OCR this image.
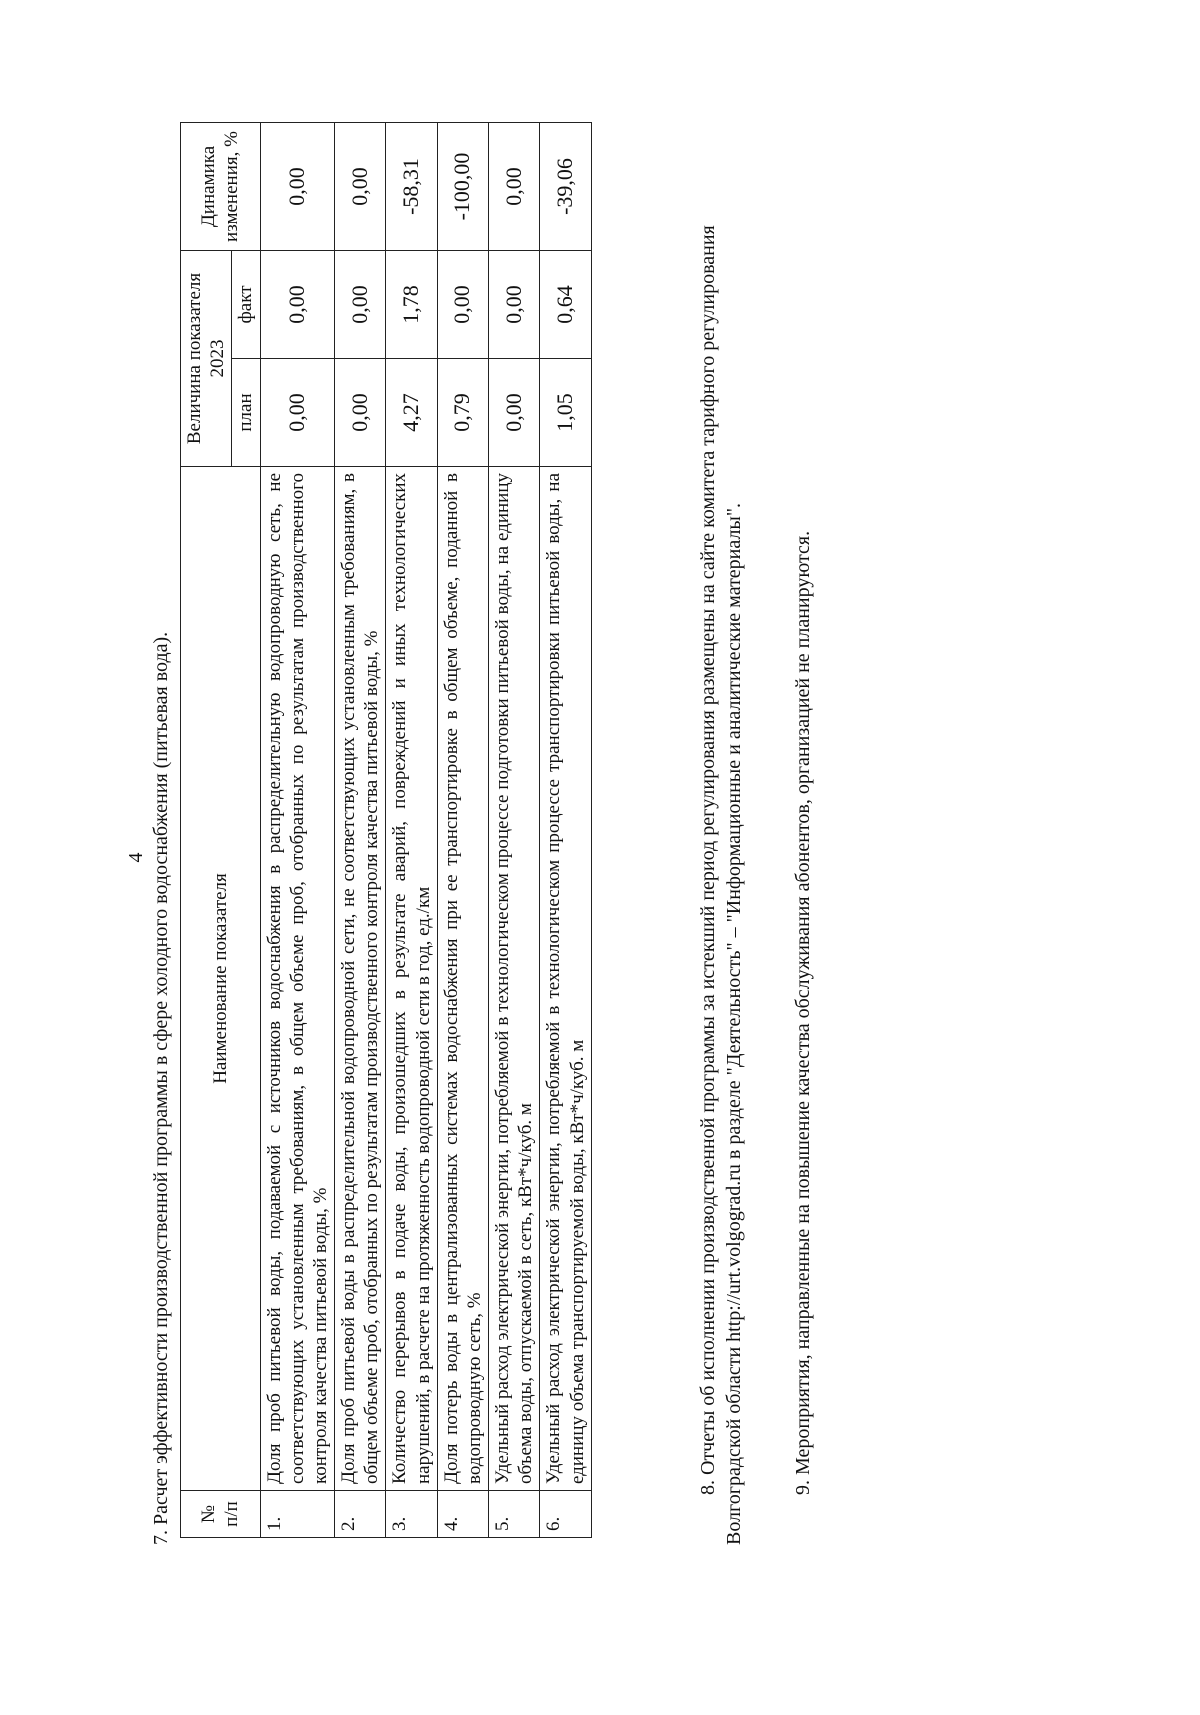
4 7. Расчет эффективности производственной программы в сфере холодного водоснабжения (питьевая вода). № п/п	Наименование показателя	Величина показателя 2023		Динамика изменения, %
		план	факт	
1.	Доля проб питьевой воды, подаваемой с источников водоснабжения в распределительную водопроводную сеть, не соответствующих установленным требованиям, в общем объеме проб, отобранных по результатам производственного контроля качества питьевой воды, %	0,00	0,00	0,00
2.	Доля проб питьевой воды в распределительной водопроводной сети, не соответствующих установленным требованиям, в общем объеме проб, отобранных по результатам производственного контроля качества питьевой воды, %	0,00	0,00	0,00
3.	Количество перерывов в подаче воды, произошедших в результате аварий, повреждений и иных технологических нарушений, в расчете на протяженность водопроводной сети в год, ед./км	4,27	1,78	-58,31
4.	Доля потерь воды в централизованных системах водоснабжения при ее транспортировке в общем объеме, поданной в водопроводную сеть, %	0,79	0,00	-100,00
5.	Удельный расход электрической энергии, потребляемой в технологическом процессе подготовки питьевой воды, на единицу объема воды, отпускаемой в сеть, кВт*ч/куб. м	0,00	0,00	0,00
6.	Удельный расход электрической энергии, потребляемой в технологическом процессе транспортировки питьевой воды, на единицу объема транспортируемой воды, кВт*ч/куб. м	1,05	0,64	-39,06
8. Отчеты об исполнении производственной программы за истекший период регулирования размещены на сайте комитета тарифного регулирования Волгоградской области http://urt.volgograd.ru в разделе "Деятельность" – "Информационные и аналитические материалы". 9. Мероприятия, направленные на повышение качества обслуживания абонентов, организацией не планируются.
